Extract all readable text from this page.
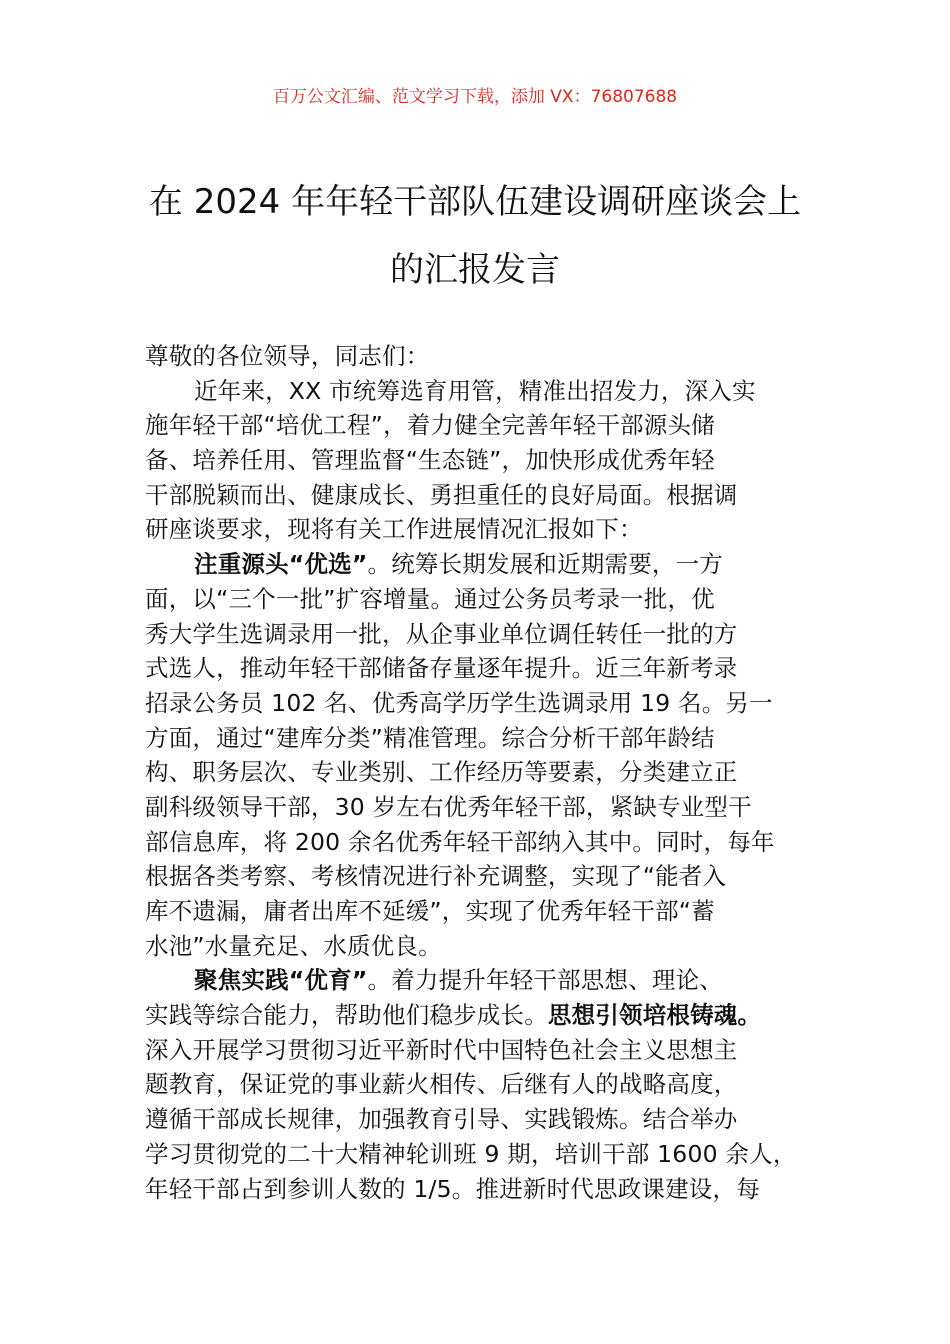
百万公文汇编、范文学习下载，添加 VX：76807688
在 2024 年年轻干部队伍建设调研座谈会上
的汇报发言
尊敬的各位领导，同志们：
近年来，XX 市统筹选育用管，精准出招发力，深入实
施年轻干部“培优工程”，着力健全完善年轻干部源头储
备、培养任用、管理监督“生态链”，加快形成优秀年轻
干部脱颖而出、健康成长、勇担重任的良好局面。根据调
研座谈要求，现将有关工作进展情况汇报如下：
注重源头“优选”。统筹长期发展和近期需要，一方
面，以“三个一批”扩容增量。通过公务员考录一批，优
秀大学生选调录用一批，从企事业单位调任转任一批的方
式选人，推动年轻干部储备存量逐年提升。近三年新考录
招录公务员 102 名、优秀高学历学生选调录用 19 名。另一
方面，通过“建库分类”精准管理。综合分析干部年龄结
构、职务层次、专业类别、工作经历等要素，分类建立正
副科级领导干部，30 岁左右优秀年轻干部，紧缺专业型干
部信息库，将 200 余名优秀年轻干部纳入其中。同时，每年
根据各类考察、考核情况进行补充调整，实现了“能者入
库不遗漏，庸者出库不延缓”，实现了优秀年轻干部“蓄
水池”水量充足、水质优良。
聚焦实践“优育”。着力提升年轻干部思想、理论、
实践等综合能力，帮助他们稳步成长。思想引领培根铸魂。
深入开展学习贯彻习近平新时代中国特色社会主义思想主
题教育，保证党的事业薪火相传、后继有人的战略高度，
遵循干部成长规律，加强教育引导、实践锻炼。结合举办
学习贯彻党的二十大精神轮训班 9 期，培训干部 1600 余人，
年轻干部占到参训人数的 1/5。推进新时代思政课建设，每
